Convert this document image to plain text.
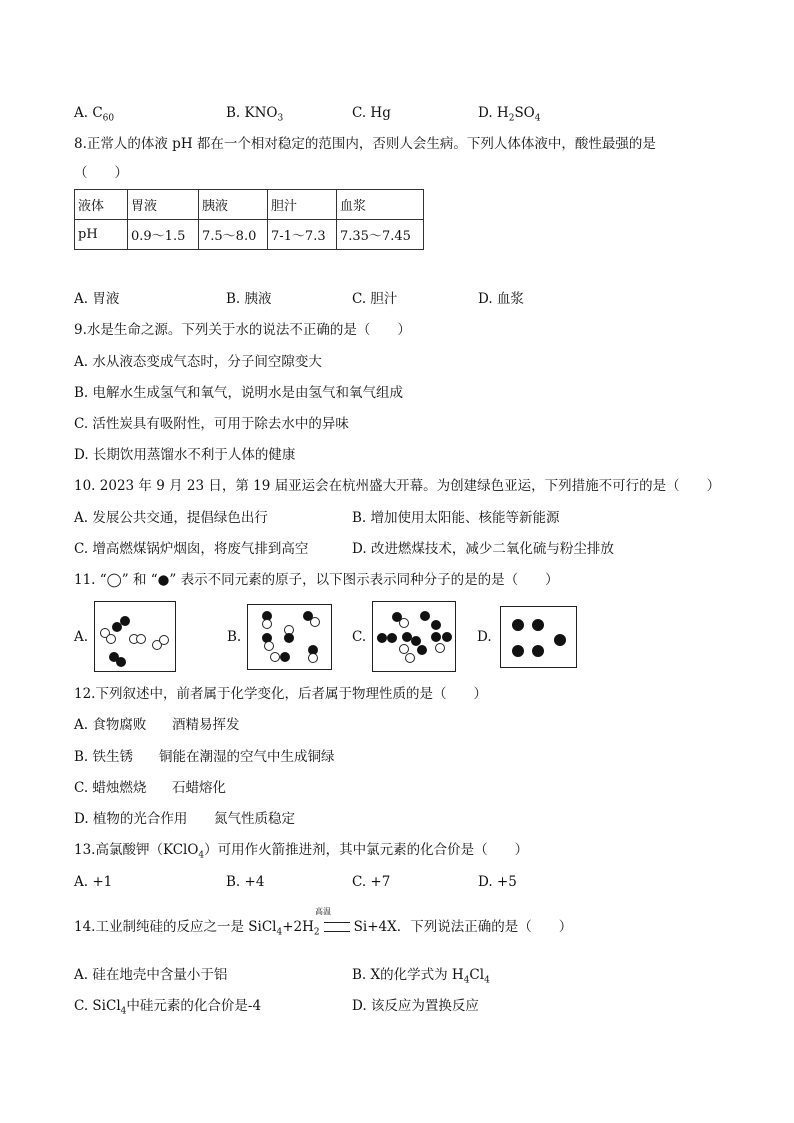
A. $C_{60}$	B. $KNO_3$	C. Hg	D. $H_2SO_4$
8.正常人的体液 pH 都在一个相对稳定的范围内，否则人会生病。下列人体体液中，酸性最强的是
（　　）
液体	胃液	胰液	胆汁	血浆
pH	0.9～1.5	7.5～8.0	7-1～7.3	7.35～7.45
A. 胃液	B. 胰液	C. 胆汁	D. 血浆
9.水是生命之源。下列关于水的说法不正确的是（　　）
A. 水从液态变成气态时，分子间空隙变大
B. 电解水生成氢气和氧气，说明水是由氢气和氧气组成
C. 活性炭具有吸附性，可用于除去水中的异味
D. 长期饮用蒸馏水不利于人体的健康
10. 2023 年 9 月 23 日，第 19 届亚运会在杭州盛大开幕。为创建绿色亚运，下列措施不可行的是（　　）
A. 发展公共交通，提倡绿色出行	B. 增加使用太阳能、核能等新能源
C. 增高燃煤锅炉烟囱，将废气排到高空	D. 改进燃煤技术，减少二氧化硫与粉尘排放
11. “◯” 和 “●” 表示不同元素的原子，以下图示表示同种分子的是的是（　　）
A.	B.	C.	D.
12.下列叙述中，前者属于化学变化，后者属于物理性质的是（　　）
A. 食物腐败 酒精易挥发
B. 铁生锈 铜能在潮湿的空气中生成铜绿
C. 蜡烛燃烧 石蜡熔化
D. 植物的光合作用 氮气性质稳定
13.高氯酸钾（KClO$_4$）可用作火箭推进剂，其中氯元素的化合价是（　　）
A. +1	B. +4	C. +7	D. +5
高温
14.工业制纯硅的反应之一是 $SiCl_4+2H_2$	Si+4X．下列说法正确的是（　　）
A. 硅在地壳中含量小于铝	B. X的化学式为 $H_4Cl_4$
C. SiCl$_4$中硅元素的化合价是-4	D. 该反应为置换反应
